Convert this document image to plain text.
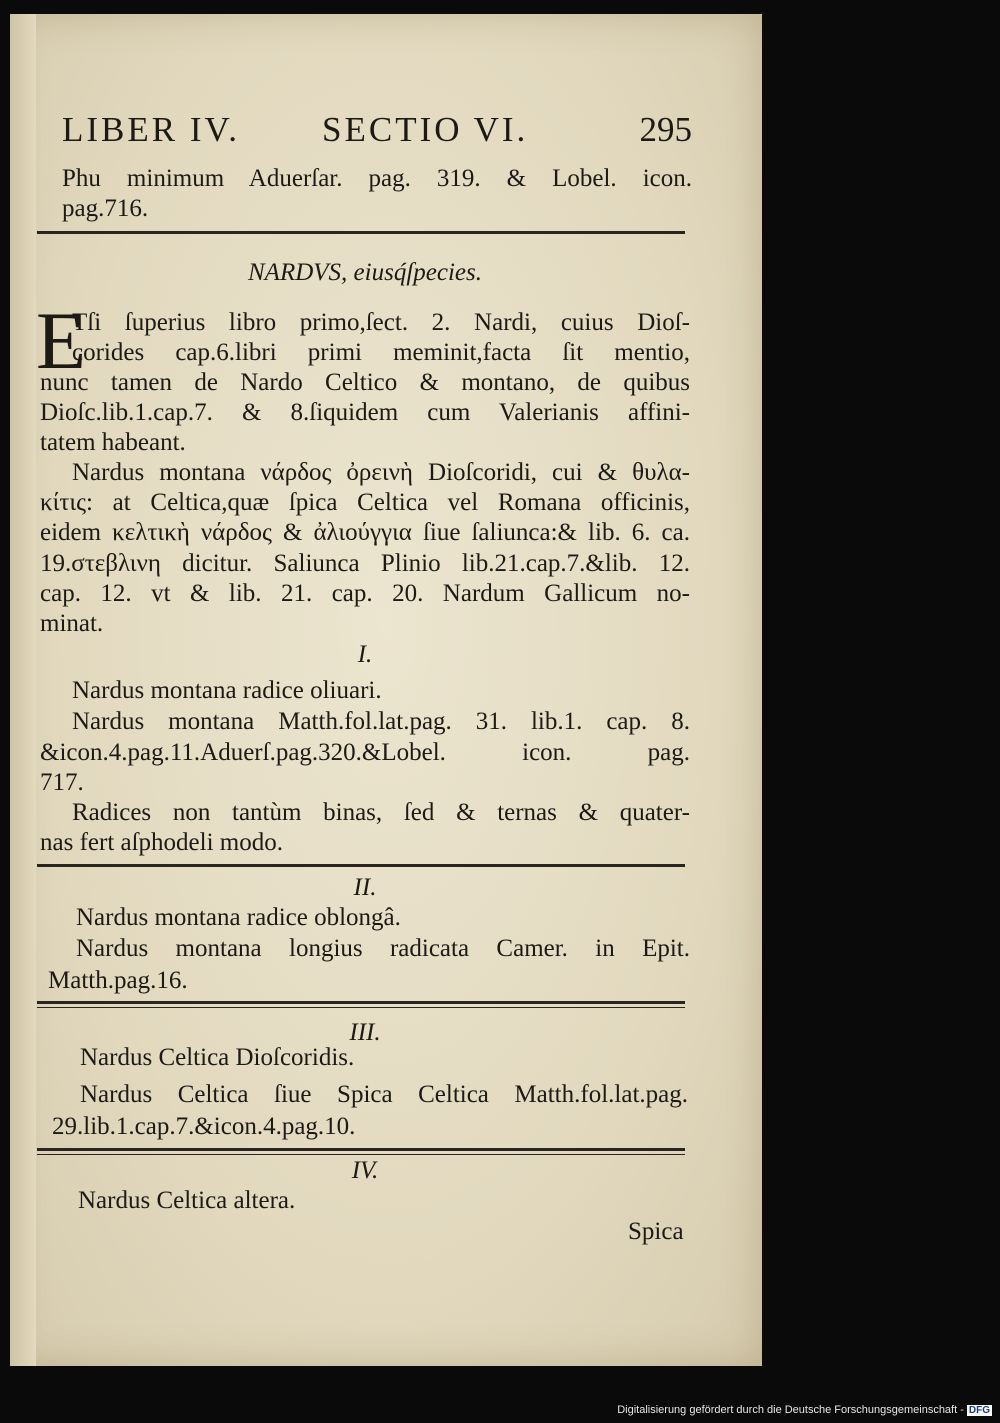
LIBER IV. SECTIO VI.	295
Phu minimum Aduerſar. pag. 319. & Lobel. icon.
pag.716.
NARDVS, eiusq́ſpecies.
E
Tſi ſuperius libro primo,ſect. 2. Nardi, cuius Dioſ-
corides cap.6.libri primi meminit,facta ſit mentio,
nunc tamen de Nardo Celtico & montano, de quibus
Dioſc.lib.1.cap.7. & 8.ſiquidem cum Valerianis affini-
tatem habeant.
Nardus montana νάρδος ὀρεινὴ Dioſcoridi, cui & θυλα-
κίτις: at Celtica,quæ ſpica Celtica vel Romana officinis,
eidem κελτικὴ νάρδος & ἀλιούγγια ſiue ſaliunca:& lib. 6. ca.
19.στεβλινη dicitur. Saliunca Plinio lib.21.cap.7.&lib. 12.
cap. 12. vt & lib. 21. cap. 20. Nardum Gallicum no-
minat.
I.
Nardus montana radice oliuari.
Nardus montana Matth.fol.lat.pag. 31. lib.1. cap. 8.
&icon.4.pag.11.Aduerſ.pag.320.&Lobel. icon. pag.
717.
Radices non tantùm binas, ſed & ternas & quater-
nas fert aſphodeli modo.
II.
Nardus montana radice oblongâ.
Nardus montana longius radicata Camer. in Epit.
Matth.pag.16.
III.
Nardus Celtica Dioſcoridis.
Nardus Celtica ſiue Spica Celtica Matth.fol.lat.pag.
29.lib.1.cap.7.&icon.4.pag.10.
IV.
Nardus Celtica altera.
Spica
Digitalisierung gefördert durch die Deutsche Forschungsgemeinschaft - DFG
